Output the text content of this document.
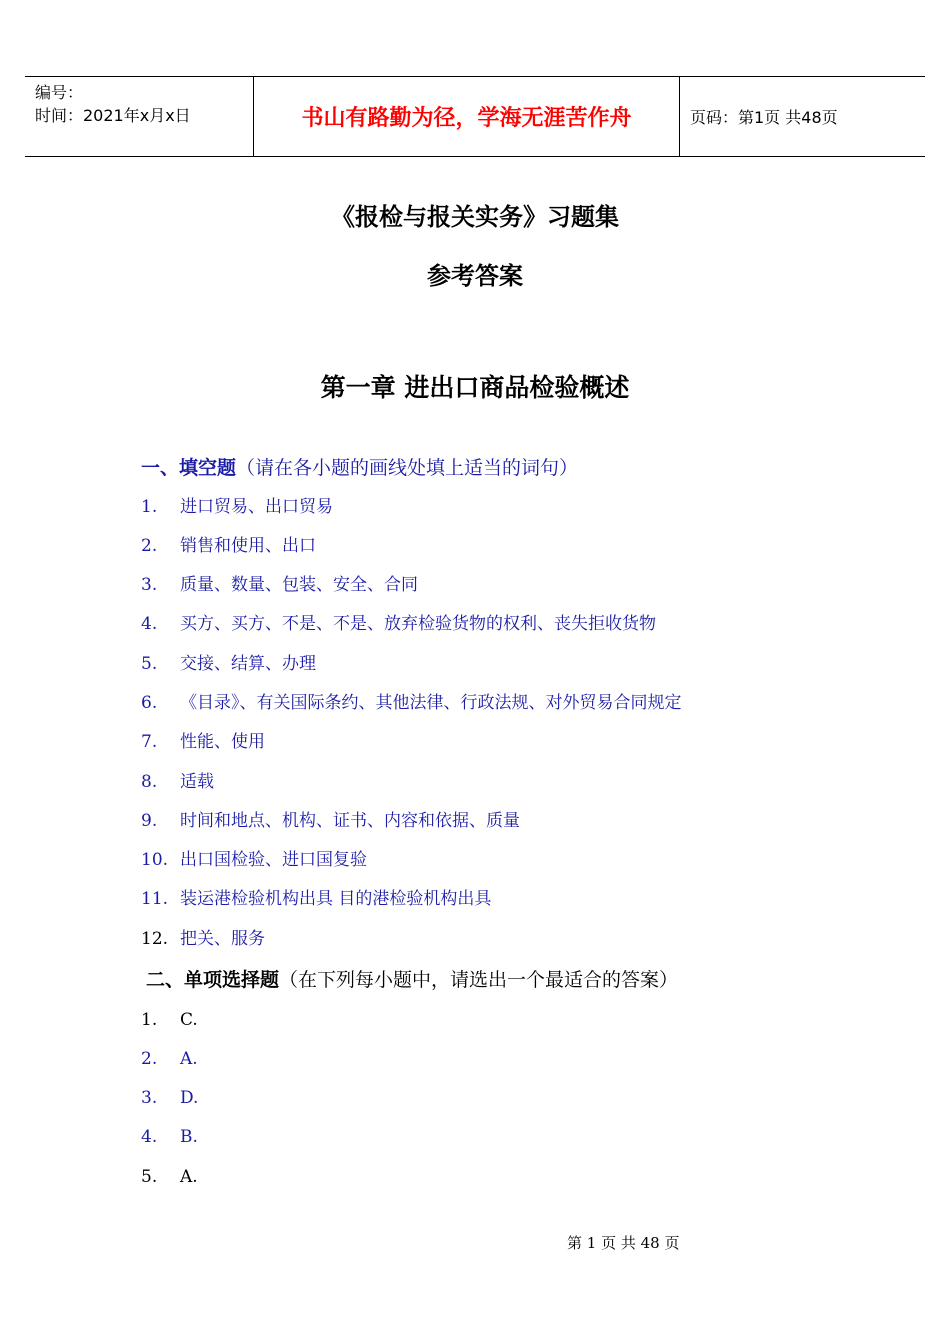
编号：
时间：2021年x月x日	书山有路勤为径，学海无涯苦作舟	页码：第1页 共48页
《报检与报关实务》习题集
参考答案
第一章 进出口商品检验概述
一、填空题（请在各小题的画线处填上适当的词句）
1.	进口贸易、出口贸易
2.	销售和使用、出口
3.	质量、数量、包装、安全、合同
4.	买方、买方、不是、不是、放弃检验货物的权利、丧失拒收货物
5.	交接、结算、办理
6.	《目录》、有关国际条约、其他法律、行政法规、对外贸易合同规定
7.	性能、使用
8.	适载
9.	时间和地点、机构、证书、内容和依据、质量
10. 出口国检验、进口国复验
11. 装运港检验机构出具 目的港检验机构出具
12. 把关、服务
二、单项选择题（在下列每小题中，请选出一个最适合的答案）
1.	C.
2.	A.
3.	D.
4.	B.
5.	A.
第 1 页 共 48 页
